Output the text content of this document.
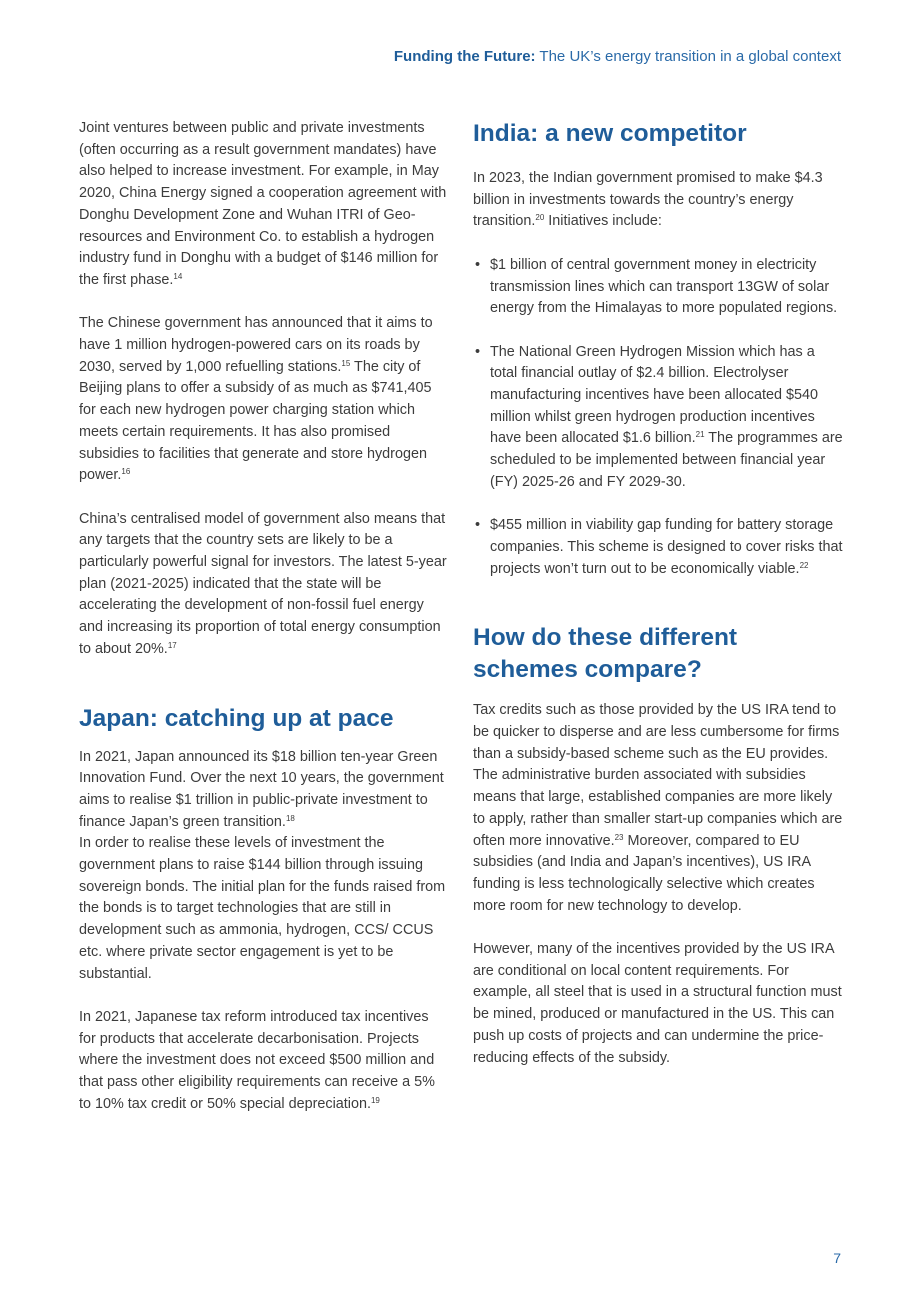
Funding the Future: The UK’s energy transition in a global context

Joint ventures between public and private investments (often occurring as a result government mandates) have also helped to increase investment. For example, in May 2020, China Energy signed a cooperation agreement with Donghu Development Zone and Wuhan ITRI of Geo-resources and Environment Co. to establish a hydrogen industry fund in Donghu with a budget of $146 million for the first phase.$^{14}$

The Chinese government has announced that it aims to have 1 million hydrogen-powered cars on its roads by 2030, served by 1,000 refuelling stations.$^{15}$ The city of Beijing plans to offer a subsidy of as much as $741,405 for each new hydrogen power charging station which meets certain requirements. It has also promised subsidies to facilities that generate and store hydrogen power.$^{16}$

China’s centralised model of government also means that any targets that the country sets are likely to be a particularly powerful signal for investors. The latest 5-year plan (2021-2025) indicated that the state will be accelerating the development of non-fossil fuel energy and increasing its proportion of total energy consumption to about 20%.$^{17}$

Japan: catching up at pace

In 2021, Japan announced its $18 billion ten-year Green Innovation Fund. Over the next 10 years, the government aims to realise $1 trillion in public-private investment to finance Japan’s green transition.$^{18}$
In order to realise these levels of investment the government plans to raise $144 billion through issuing sovereign bonds. The initial plan for the funds raised from the bonds is to target technologies that are still in development such as ammonia, hydrogen, CCS/ CCUS etc. where private sector engagement is yet to be substantial.

In 2021, Japanese tax reform introduced tax incentives for products that accelerate decarbonisation. Projects where the investment does not exceed $500 million and that pass other eligibility requirements can receive a 5% to 10% tax credit or 50% special depreciation.$^{19}$

India: a new competitor

In 2023, the Indian government promised to make $4.3 billion in investments towards the country’s energy transition.$^{20}$ Initiatives include:

• $1 billion of central government money in electricity transmission lines which can transport 13GW of solar energy from the Himalayas to more populated regions.
• The National Green Hydrogen Mission which has a total financial outlay of $2.4 billion. Electrolyser manufacturing incentives have been allocated $540 million whilst green hydrogen production incentives have been allocated $1.6 billion.$^{21}$ The programmes are scheduled to be implemented between financial year (FY) 2025-26 and FY 2029-30.
• $455 million in viability gap funding for battery storage companies. This scheme is designed to cover risks that projects won’t turn out to be economically viable.$^{22}$
How do these different
schemes compare?

Tax credits such as those provided by the US IRA tend to be quicker to disperse and are less cumbersome for firms than a subsidy-based scheme such as the EU provides. The administrative burden associated with subsidies means that large, established companies are more likely to apply, rather than smaller start-up companies which are often more innovative.$^{23}$ Moreover, compared to EU subsidies (and India and Japan’s incentives), US IRA funding is less technologically selective which creates more room for new technology to develop.

However, many of the incentives provided by the US IRA are conditional on local content requirements. For example, all steel that is used in a structural function must be mined, produced or manufactured in the US. This can push up costs of projects and can undermine the price-reducing effects of the subsidy.

7
